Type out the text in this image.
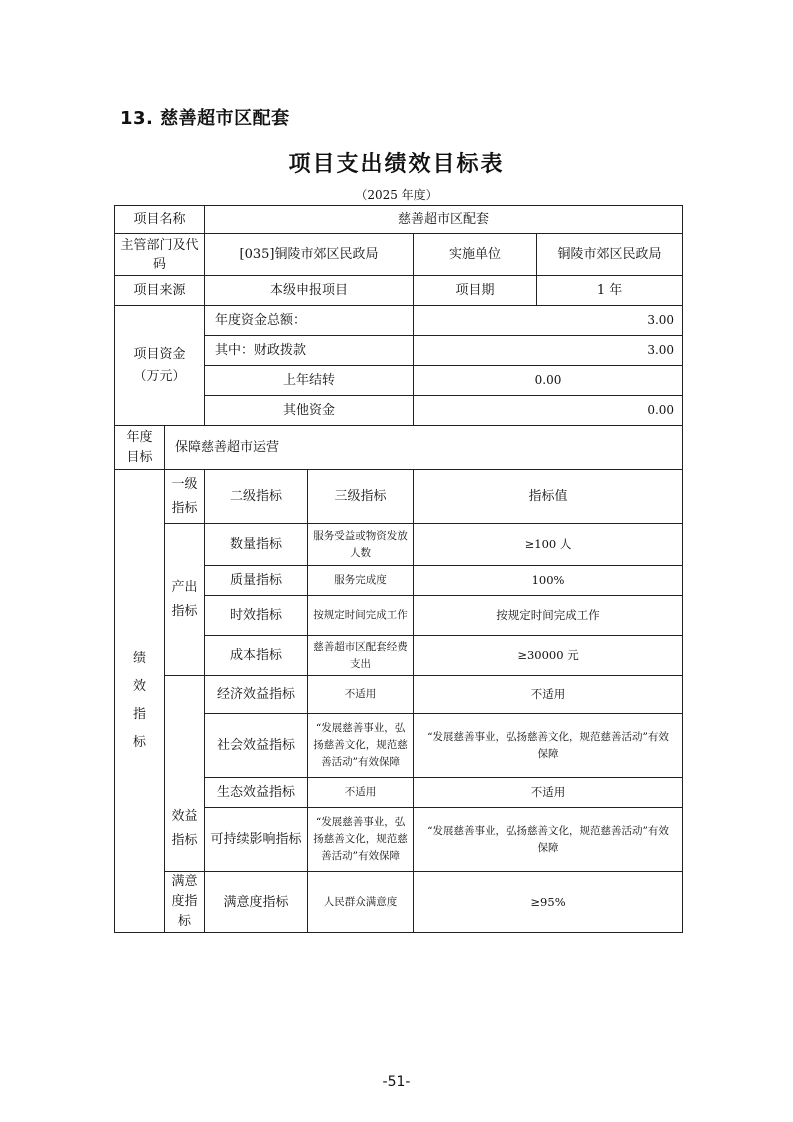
13. 慈善超市区配套
项目支出绩效目标表
（2025 年度）
项目名称		慈善超市区配套			
主管部门及代码		[035]铜陵市郊区民政局		实施单位	铜陵市郊区民政局
项目来源		本级申报项目		项目期	1 年

项目资金（万元）		年度资金总额：		3.00	
		其中：财政拨款		3.00	
		上年结转		0.00	
		其他资金		0.00	

年度目标	保障慈善超市运营				

绩效指标	一级指标	二级指标	三级指标	指标值	

	产出指标	数量指标	服务受益或物资发放人数	≥100 人	
		质量指标	服务完成度	100%	
		时效指标	按规定时间完成工作	按规定时间完成工作	
		成本指标	慈善超市区配套经费支出	≥30000 元	

	效益指标	经济效益指标	不适用	不适用	
		社会效益指标	“发展慈善事业，弘扬慈善文化，规范慈善活动”有效保障	“发展慈善事业，弘扬慈善文化，规范慈善活动”有效保障	
		生态效益指标	不适用	不适用	
		可持续影响指标	“发展慈善事业，弘扬慈善文化，规范慈善活动”有效保障	“发展慈善事业，弘扬慈善文化，规范慈善活动”有效保障	

	满意度指标	满意度指标	人民群众满意度	≥95%	
-51-
